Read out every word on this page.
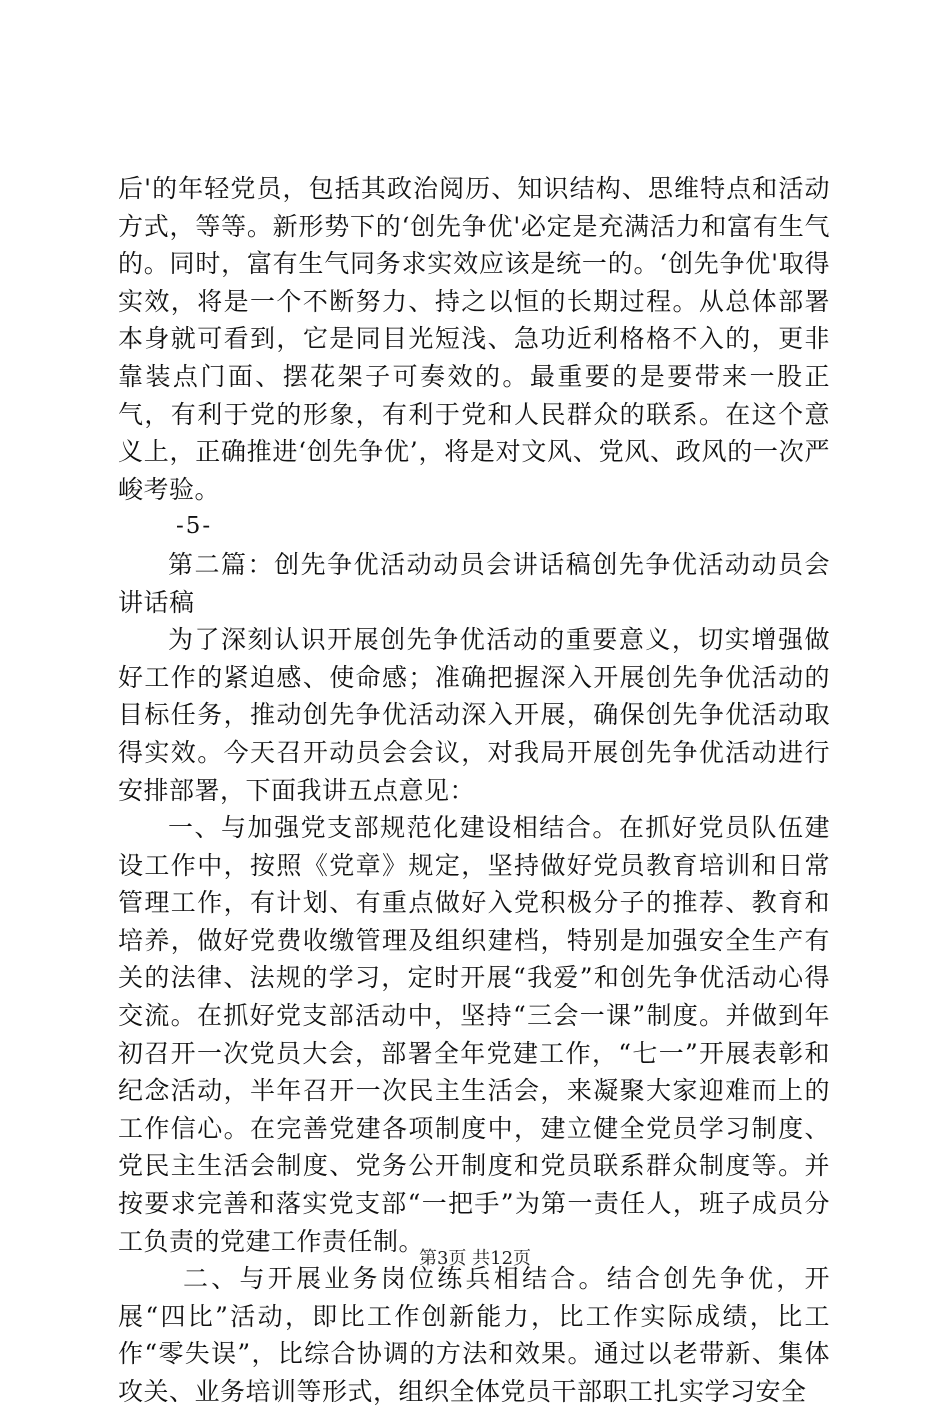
后'的年轻党员，包括其政治阅历、知识结构、思维特点和活动方式，等等。新形势下的‘创先争优'必定是充满活力和富有生气的。同时，富有生气同务求实效应该是统一的。‘创先争优'取得实效，将是一个不断努力、持之以恒的长期过程。从总体部署本身就可看到，它是同目光短浅、急功近利格格不入的，更非靠装点门面、摆花架子可奏效的。最重要的是要带来一股正气，有利于党的形象，有利于党和人民群众的联系。在这个意义上，正确推进‘创先争优’，将是对文风、党风、政风的一次严峻考验。

-5-

第二篇：创先争优活动动员会讲话稿创先争优活动动员会讲话稿

为了深刻认识开展创先争优活动的重要意义，切实增强做好工作的紧迫感、使命感；准确把握深入开展创先争优活动的目标任务，推动创先争优活动深入开展，确保创先争优活动取得实效。今天召开动员会会议，对我局开展创先争优活动进行安排部署，下面我讲五点意见：

一、与加强党支部规范化建设相结合。在抓好党员队伍建设工作中，按照《党章》规定，坚持做好党员教育培训和日常管理工作，有计划、有重点做好入党积极分子的推荐、教育和培养，做好党费收缴管理及组织建档，特别是加强安全生产有关的法律、法规的学习，定时开展“我爱”和创先争优活动心得交流。在抓好党支部活动中，坚持“三会一课”制度。并做到年初召开一次党员大会，部署全年党建工作，“七一”开展表彰和纪念活动，半年召开一次民主生活会，来凝聚大家迎难而上的工作信心。在完善党建各项制度中，建立健全党员学习制度、党民主生活会制度、党务公开制度和党员联系群众制度等。并按要求完善和落实党支部“一把手”为第一责任人，班子成员分工负责的党建工作责任制。

二、与开展业务岗位练兵相结合。结合创先争优，开展“四比”活动，即比工作创新能力，比工作实际成绩，比工作“零失误”，比综合协调的方法和效果。通过以老带新、集体攻关、业务培训等形式，组织全体党员干部职工扎实学习安全

第3页 共12页
